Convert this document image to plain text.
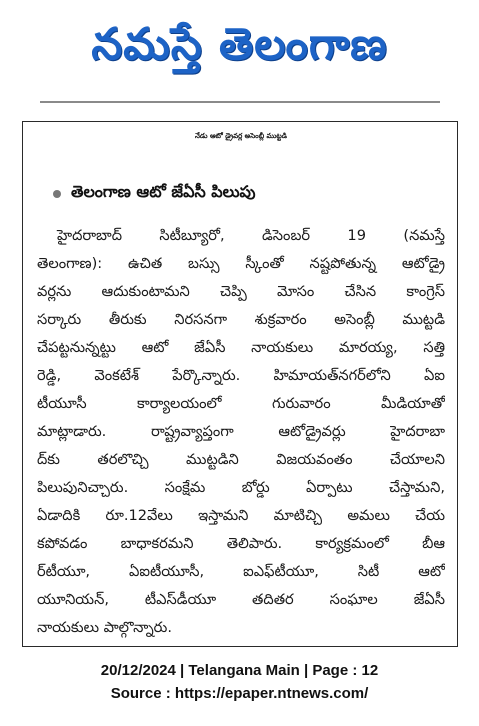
నమస్తే తెలంగాణ
నేడు ఆటో డ్రైవర్ల అసెంబ్లీ ముట్టడి
తెలంగాణ ఆటో జేఏసీ పిలుపు
హైదరాబాద్ సిటీబ్యూరో, డిసెంబర్ 19 (నమస్తే
తెలంగాణ): ఉచిత బస్సు స్కీంతో నష్టపోతున్న ఆటోడ్రై
వర్లను ఆదుకుంటామని చెప్పి మోసం చేసిన కాంగ్రెస్
సర్కారు తీరుకు నిరసనగా శుక్రవారం అసెంబ్లీ ముట్టడి
చేపట్టనున్నట్టు ఆటో జేఏసీ నాయకులు మారయ్య, సత్తి
రెడ్డి, వెంకటేశ్ పేర్కొన్నారు. హిమాయత్‌నగర్‌లోని ఏఐ
టీయూసీ కార్యాలయంలో గురువారం మీడియాతో
మాట్లాడారు. రాష్ట్రవ్యాప్తంగా ఆటోడ్రైవర్లు హైదరాబా
ద్‌కు తరలొచ్చి ముట్టడిని విజయవంతం చేయాలని
పిలుపునిచ్చారు. సంక్షేమ బోర్డు ఏర్పాటు చేస్తామని,
ఏడాదికి రూ.12వేలు ఇస్తామని మాటిచ్చి అమలు చేయ
కపోవడం బాధాకరమని తెలిపారు. కార్యక్రమంలో బీఆ
ర్‌టీయూ, ఏఐటీయూసీ, ఐఎఫ్‌టీయూ, సిటీ ఆటో
యూనియన్, టీఎస్‌డీయూ తదితర సంఘాల జేఏసీ
నాయకులు పాల్గొన్నారు.
20/12/2024 | Telangana Main | Page : 12
Source : https://epaper.ntnews.com/
